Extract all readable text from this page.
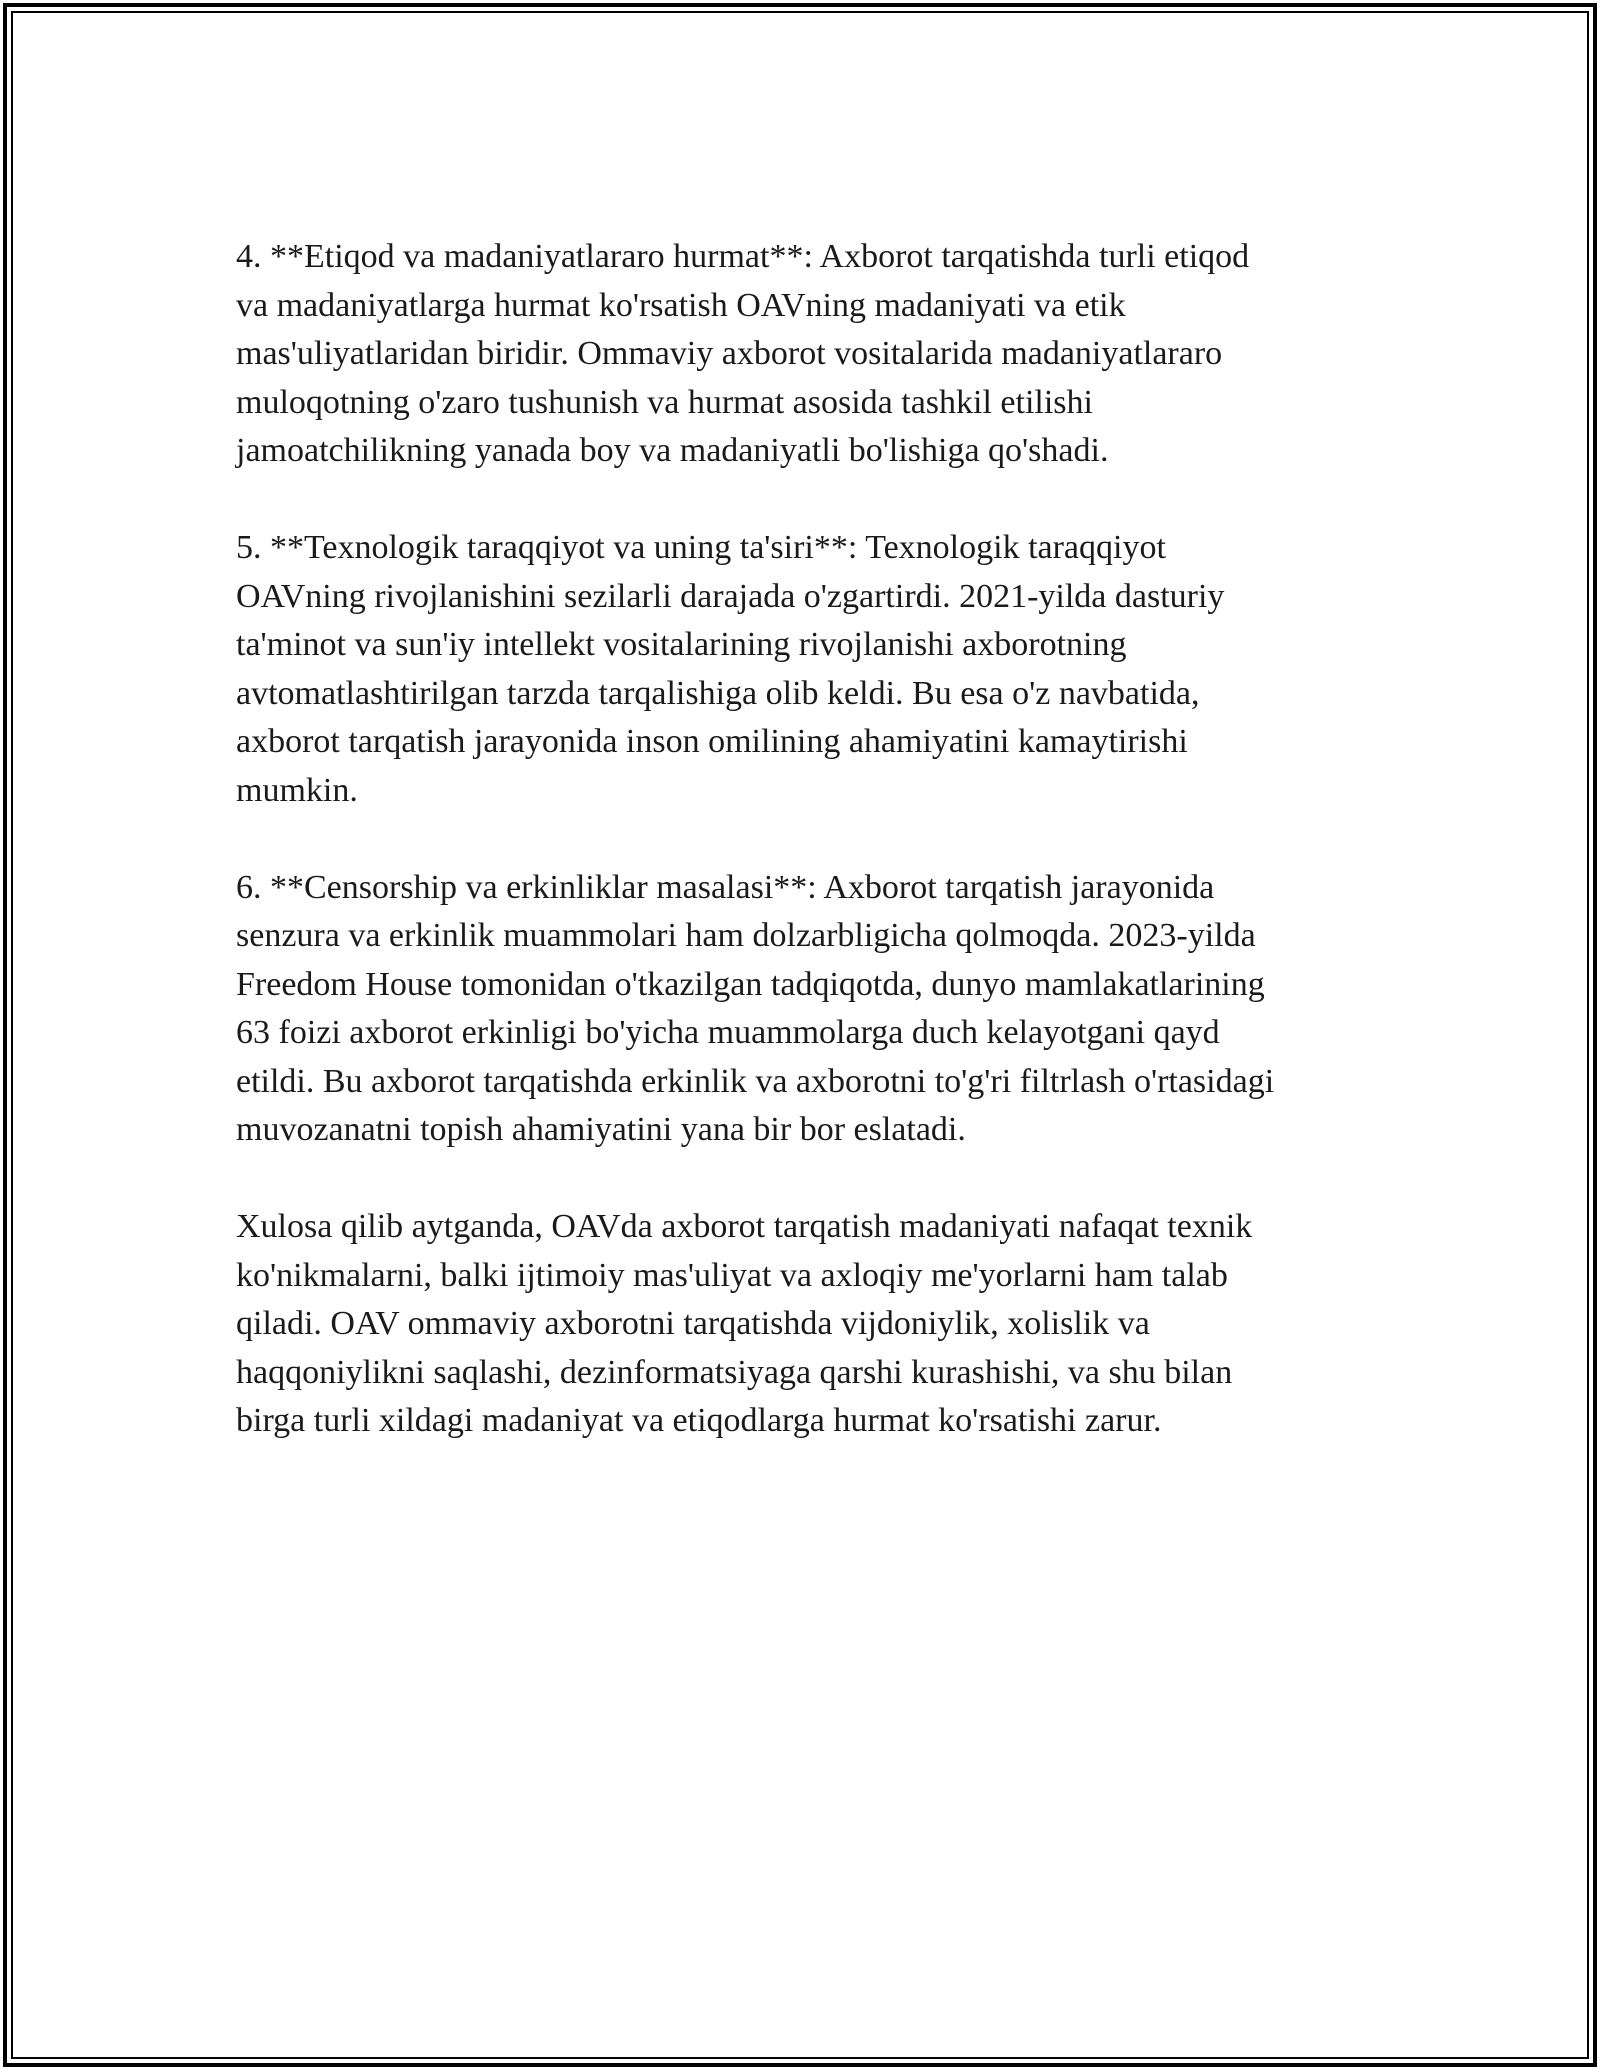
4. **Etiqod va madaniyatlararo hurmat**: Axborot tarqatishda turli etiqod
va madaniyatlarga hurmat ko'rsatish OAVning madaniyati va etik
mas'uliyatlaridan biridir. Ommaviy axborot vositalarida madaniyatlararo
muloqotning o'zaro tushunish va hurmat asosida tashkil etilishi
jamoatchilikning yanada boy va madaniyatli bo'lishiga qo'shadi.

5. **Texnologik taraqqiyot va uning ta'siri**: Texnologik taraqqiyot
OAVning rivojlanishini sezilarli darajada o'zgartirdi. 2021-yilda dasturiy
ta'minot va sun'iy intellekt vositalarining rivojlanishi axborotning
avtomatlashtirilgan tarzda tarqalishiga olib keldi. Bu esa o'z navbatida,
axborot tarqatish jarayonida inson omilining ahamiyatini kamaytirishi
mumkin.

6. **Censorship va erkinliklar masalasi**: Axborot tarqatish jarayonida
senzura va erkinlik muammolari ham dolzarbligicha qolmoqda. 2023-yilda
Freedom House tomonidan o'tkazilgan tadqiqotda, dunyo mamlakatlarining
63 foizi axborot erkinligi bo'yicha muammolarga duch kelayotgani qayd
etildi. Bu axborot tarqatishda erkinlik va axborotni to'g'ri filtrlash o'rtasidagi
muvozanatni topish ahamiyatini yana bir bor eslatadi.

Xulosa qilib aytganda, OAVda axborot tarqatish madaniyati nafaqat texnik
ko'nikmalarni, balki ijtimoiy mas'uliyat va axloqiy me'yorlarni ham talab
qiladi. OAV ommaviy axborotni tarqatishda vijdoniylik, xolislik va
haqqoniylikni saqlashi, dezinformatsiyaga qarshi kurashishi, va shu bilan
birga turli xildagi madaniyat va etiqodlarga hurmat ko'rsatishi zarur.
